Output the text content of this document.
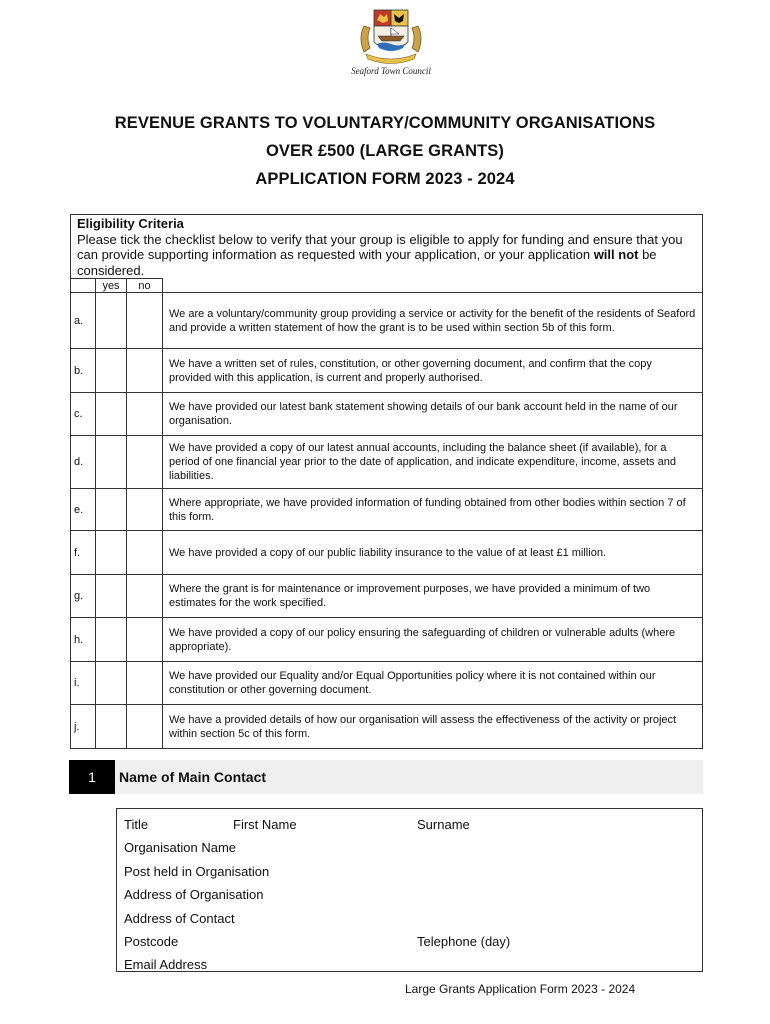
Seaford Town Council
REVENUE GRANTS TO VOLUNTARY/COMMUNITY ORGANISATIONS
OVER £500 (LARGE GRANTS)
APPLICATION FORM 2023 - 2024
Eligibility Criteria
Please tick the checklist below to verify that your group is eligible to apply for funding and ensure that you can provide supporting information as requested with your application, or your application will not be considered.
	yes	no	
a.			We are a voluntary/community group providing a service or activity for the benefit of the residents of Seaford and provide a written statement of how the grant is to be used within section 5b of this form.
b.			We have a written set of rules, constitution, or other governing document, and confirm that the copy provided with this application, is current and properly authorised.
c.			We have provided our latest bank statement showing details of our bank account held in the name of our organisation.
d.			We have provided a copy of our latest annual accounts, including the balance sheet (if available), for a period of one financial year prior to the date of application, and indicate expenditure, income, assets and liabilities.
e.			Where appropriate, we have provided information of funding obtained from other bodies within section 7 of this form.
f.			We have provided a copy of our public liability insurance to the value of at least £1 million.
g.			Where the grant is for maintenance or improvement purposes, we have provided a minimum of two estimates for the work specified.
h.			We have provided a copy of our policy ensuring the safeguarding of children or vulnerable adults (where appropriate).
i.			We have provided our Equality and/or Equal Opportunities policy where it is not contained within our constitution or other governing document.
j.			We have a provided details of how our organisation will assess the effectiveness of the activity or project within section 5c of this form.
1	Name of Main Contact
Title	First Name	Surname
Organisation Name
Post held in Organisation
Address of Organisation
Address of Contact
Postcode	Telephone (day)
Email Address
Large Grants Application Form 2023 - 2024
